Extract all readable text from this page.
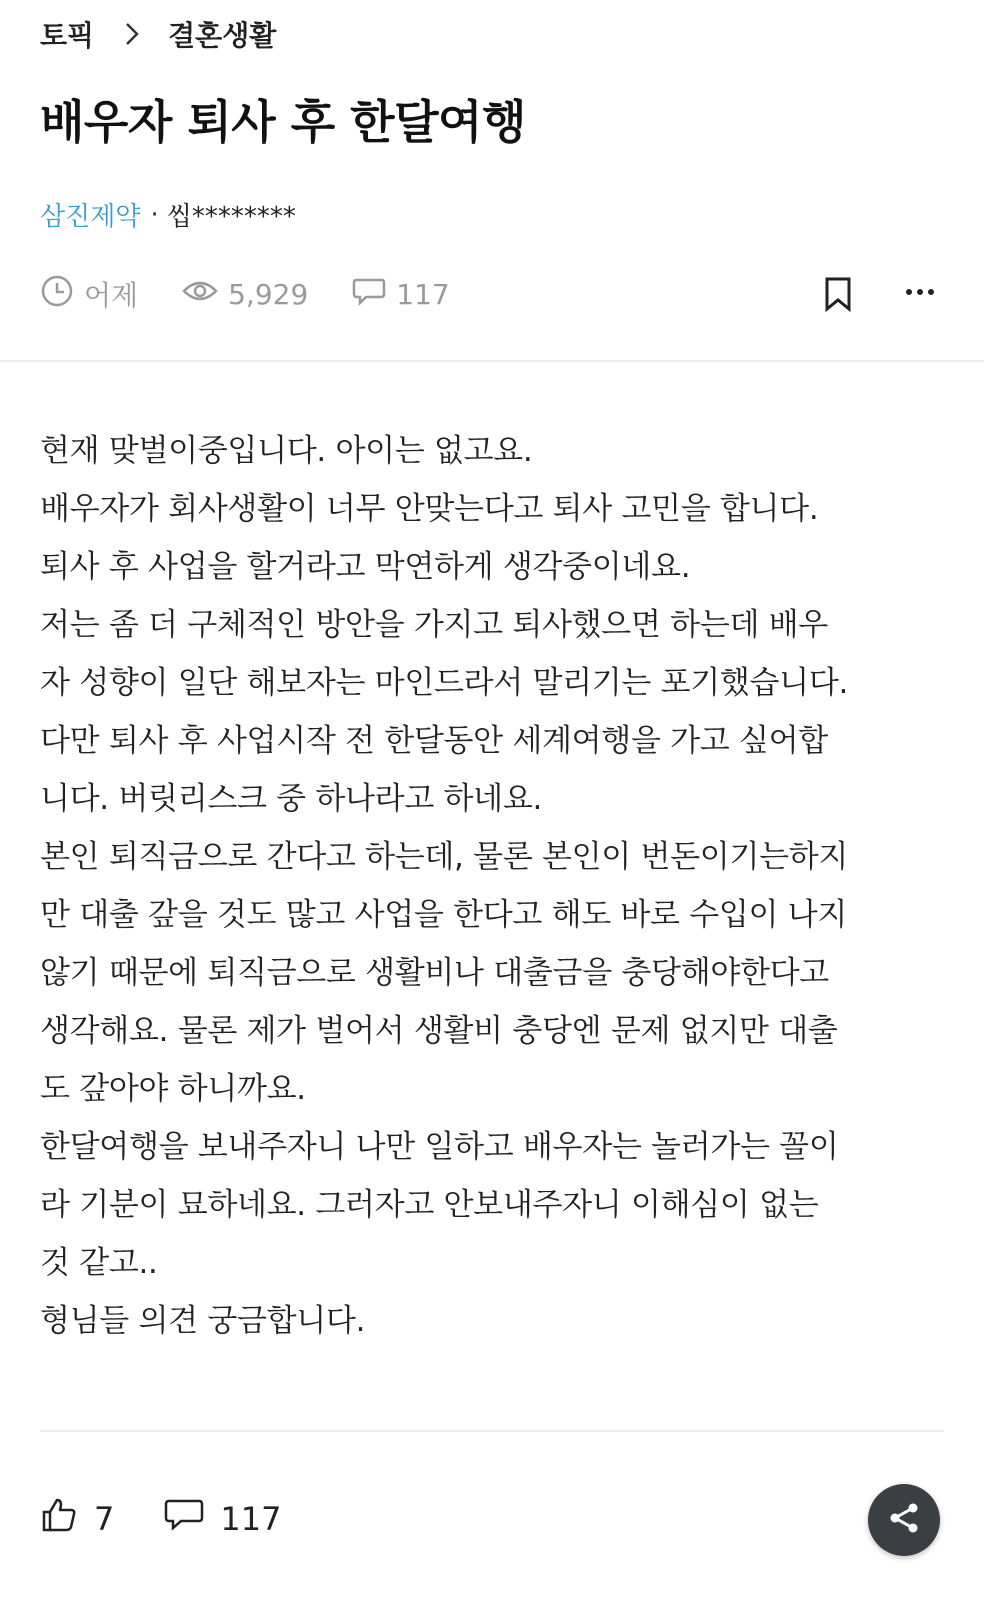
토픽	결혼생활
배우자 퇴사 후 한달여행
삼진제약 · 씹********
어제	5,929	117

현재 맞벌이중입니다. 아이는 없고요.

배우자가 회사생활이 너무 안맞는다고 퇴사 고민을 합니다.

퇴사 후 사업을 할거라고 막연하게 생각중이네요.

저는 좀 더 구체적인 방안을 가지고 퇴사했으면 하는데 배우

자 성향이 일단 해보자는 마인드라서 말리기는 포기했습니다.

다만 퇴사 후 사업시작 전 한달동안 세계여행을 가고 싶어합

니다. 버릿리스크 중 하나라고 하네요.

본인 퇴직금으로 간다고 하는데, 물론 본인이 번돈이기는하지

만 대출 갚을 것도 많고 사업을 한다고 해도 바로 수입이 나지

않기 때문에 퇴직금으로 생활비나 대출금을 충당해야한다고

생각해요. 물론 제가 벌어서 생활비 충당엔 문제 없지만 대출

도 갚아야 하니까요.

한달여행을 보내주자니 나만 일하고 배우자는 놀러가는 꼴이

라 기분이 묘하네요. 그러자고 안보내주자니 이해심이 없는

것 같고..

형님들 의견 궁금합니다.

7	117
